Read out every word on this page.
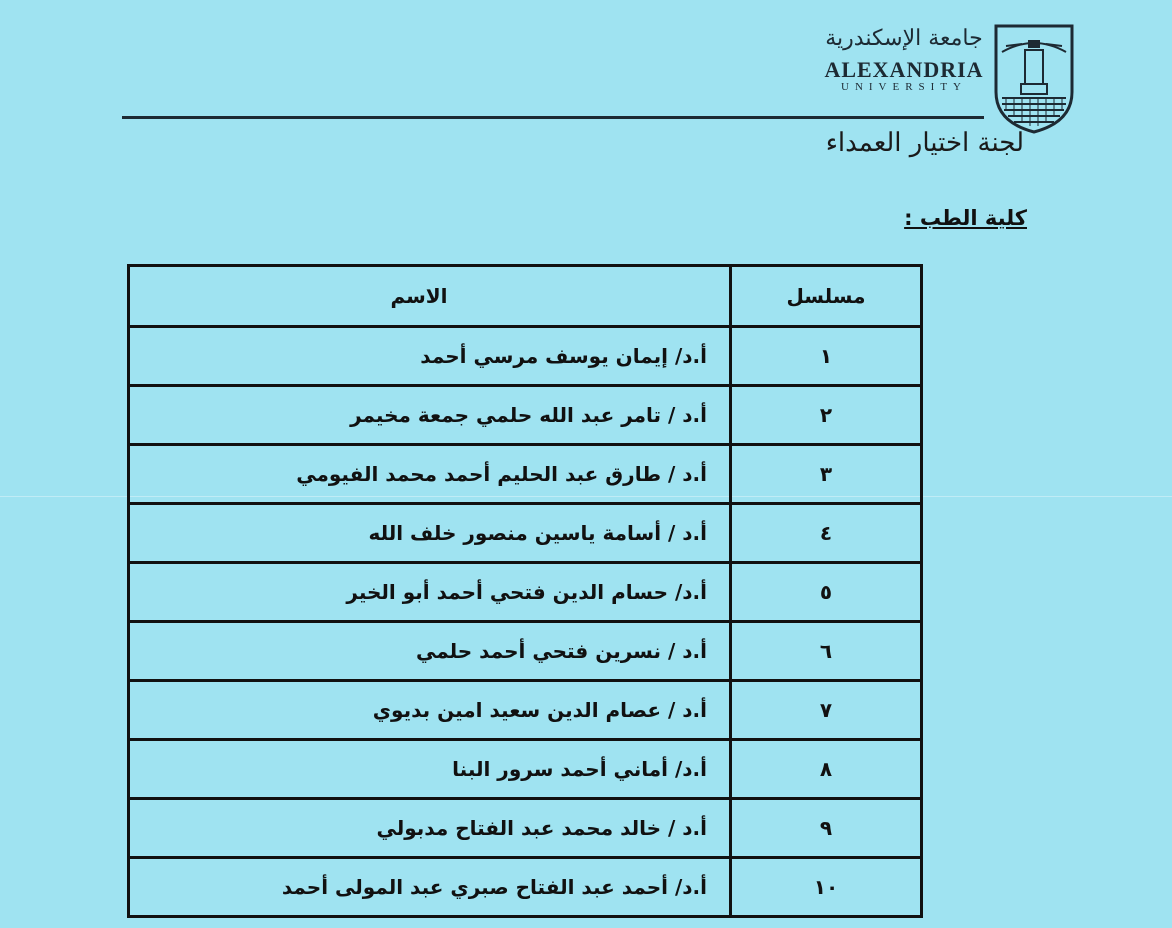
جامعة الإسكندرية
ALEXANDRIA
UNIVERSITY
لجنة اختيار العمداء
كلية الطب :
مسلسل	الاسم
١	أ.د/ إيمان يوسف مرسي أحمد
٢	أ.د / تامر عبد الله حلمي جمعة مخيمر
٣	أ.د / طارق عبد الحليم أحمد محمد الفيومي
٤	أ.د / أسامة ياسين منصور خلف الله
٥	أ.د/ حسام الدين فتحي أحمد أبو الخير
٦	أ.د / نسرين فتحي أحمد حلمي
٧	أ.د / عصام الدين سعيد امين بديوي
٨	أ.د/ أماني أحمد سرور البنا
٩	أ.د / خالد محمد عبد الفتاح مدبولي
١٠	أ.د/ أحمد عبد الفتاح صبري عبد المولى أحمد
